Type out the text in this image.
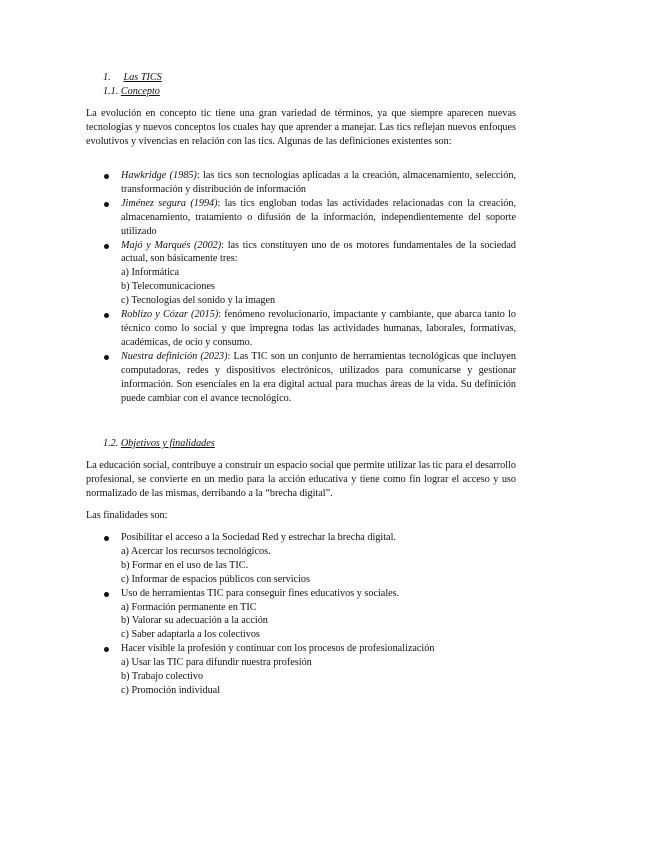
1. Las TICS
1.1. Concepto

La evolución en concepto tic tiene una gran variedad de términos, ya que siempre aparecen nuevas tecnologías y nuevos conceptos los cuales hay que aprender a manejar. Las tics reflejan nuevos enfoques evolutivos y vivencias en relación con las tics. Algunas de las definiciones existentes son:

Hawkridge (1985): las tics son tecnologías aplicadas a la creación, almacenamiento, selección, transformación y distribución de información
Jiménez segura (1994): las tics engloban todas las actividades relacionadas con la creación, almacenamiento, tratamiento o difusión de la información, independientemente del soporte utilizado
Majó y Marqués (2002): las tics constituyen uno de os motores fundamentales de la sociedad actual, son básicamente tres:
a) Informática
b) Telecomunicaciones
c) Tecnologías del sonido y la imagen
Roblizo y Cózar (2015): fenómeno revolucionario, impactante y cambiante, que abarca tanto lo técnico como lo social y que impregna todas las actividades humanas, laborales, formativas, académicas, de ocio y consumo.
Nuestra definición (2023): Las TIC son un conjunto de herramientas tecnológicas que incluyen computadoras, redes y dispositivos electrónicos, utilizados para comunicarse y gestionar información. Son esenciales en la era digital actual para muchas áreas de la vida. Su definición puede cambiar con el avance tecnológico.
1.2. Objetivos y finalidades

La educación social, contribuye a construir un espacio social que permite utilizar las tic para el desarrollo profesional, se convierte en un medio para la acción educativa y tiene como fin lograr el acceso y uso normalizado de las mismas, derribando a la “brecha digital”.

Las finalidades son:

Posibilitar el acceso a la Sociedad Red y estrechar la brecha digital.
a) Acercar los recursos tecnológicos.
b) Formar en el uso de las TIC.
c) Informar de espacios públicos con servicios
Uso de herramientas TIC para conseguir fines educativos y sociales.
a) Formación permanente en TIC
b) Valorar su adecuación a la acción
c) Saber adaptarla a los colectivos
Hacer visible la profesión y continuar con los procesos de profesionalización
a) Usar las TIC para difundir nuestra profesión
b) Trabajo colectivo
c) Promoción individual
